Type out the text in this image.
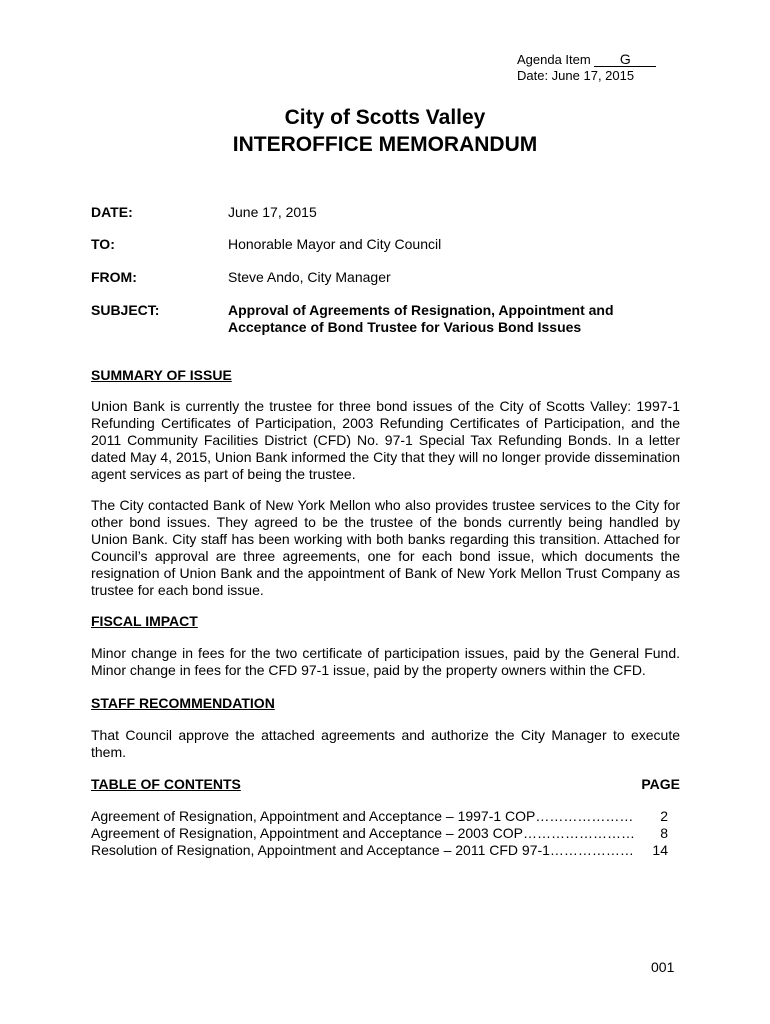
Agenda Item G
Date: June 17, 2015
City of Scotts Valley
INTEROFFICE MEMORANDUM
DATE:	June 17, 2015
TO:	Honorable Mayor and City Council
FROM:	Steve Ando, City Manager
SUBJECT:	Approval of Agreements of Resignation, Appointment and
Acceptance of Bond Trustee for Various Bond Issues
SUMMARY OF ISSUE

Union Bank is currently the trustee for three bond issues of the City of Scotts Valley: 1997-1 Refunding Certificates of Participation, 2003 Refunding Certificates of Participation, and the 2011 Community Facilities District (CFD) No. 97-1 Special Tax Refunding Bonds. In a letter dated May 4, 2015, Union Bank informed the City that they will no longer provide dissemination agent services as part of being the trustee.

The City contacted Bank of New York Mellon who also provides trustee services to the City for other bond issues. They agreed to be the trustee of the bonds currently being handled by Union Bank. City staff has been working with both banks regarding this transition. Attached for Council’s approval are three agreements, one for each bond issue, which documents the resignation of Union Bank and the appointment of Bank of New York Mellon Trust Company as trustee for each bond issue.

FISCAL IMPACT

Minor change in fees for the two certificate of participation issues, paid by the General Fund. Minor change in fees for the CFD 97-1 issue, paid by the property owners within the CFD.

STAFF RECOMMENDATION

That Council approve the attached agreements and authorize the City Manager to execute them.

TABLE OF CONTENTS	PAGE
Agreement of Resignation, Appointment and Acceptance – 1997-1 COP…………………	2
Agreement of Resignation, Appointment and Acceptance – 2003 COP……………………	8
Resolution of Resignation, Appointment and Acceptance – 2011 CFD 97-1………………	14
001
